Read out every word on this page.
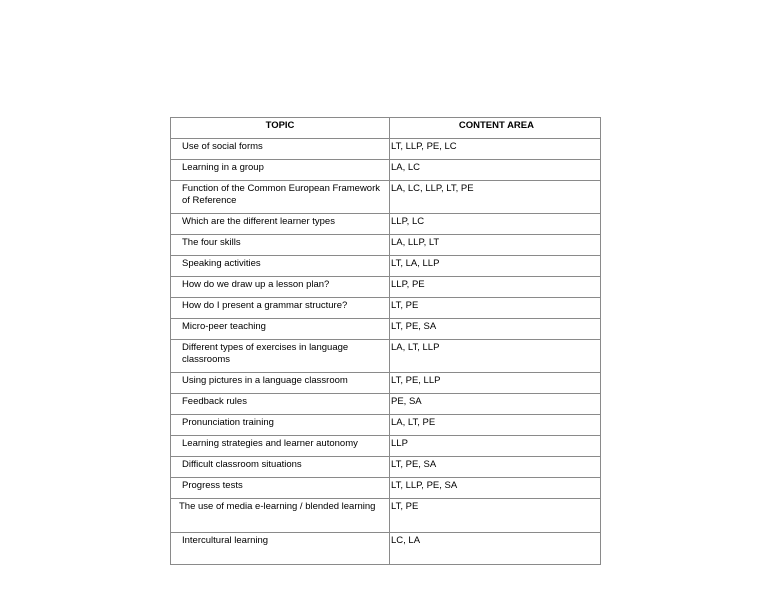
TOPIC	CONTENT AREA
Use of social forms	LT, LLP, PE, LC
Learning in a group	LA, LC
Function of the Common European Framework of Reference	LA, LC, LLP, LT, PE
Which are the different learner types	LLP, LC
The four skills	LA, LLP, LT
Speaking activities	LT, LA, LLP
How do we draw up a lesson plan?	LLP, PE
How do I present a grammar structure?	LT, PE
Micro-peer teaching	LT, PE, SA
Different types of exercises in language classrooms	LA, LT, LLP
Using pictures in a language classroom	LT, PE, LLP
Feedback rules	PE, SA
Pronunciation training	LA, LT, PE
Learning strategies and learner autonomy	LLP
Difficult classroom situations	LT, PE, SA
Progress tests	LT, LLP, PE, SA
The use of media e-learning / blended learning	LT, PE
Intercultural learning	LC, LA
